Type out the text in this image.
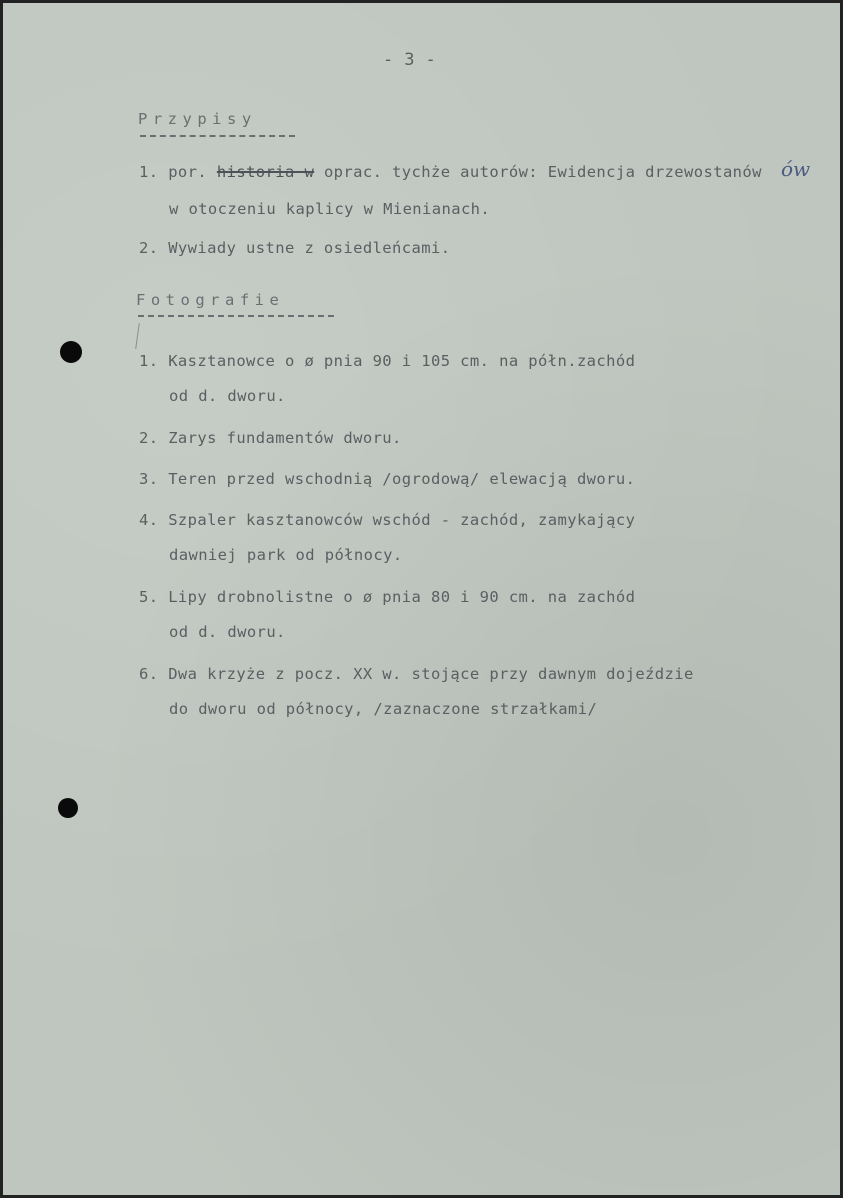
- 3 -
Przypisy
1. por. historia w oprac. tychże autorów: Ewidencja drzewostanów ów
w otoczeniu kaplicy w Mienianach.
2. Wywiady ustne z osiedleńcami.
Fotografie
1. Kasztanowce o ø pnia 90 i 105 cm. na półn.zachód
od d. dworu.
2. Zarys fundamentów dworu.
3. Teren przed wschodnią /ogrodową/ elewacją dworu.
4. Szpaler kasztanowców wschód - zachód, zamykający
dawniej park od północy.
5. Lipy drobnolistne o ø pnia 80 i 90 cm. na zachód
od d. dworu.
6. Dwa krzyże z pocz. XX w. stojące przy dawnym dojeździe
do dworu od północy, /zaznaczone strzałkami/
